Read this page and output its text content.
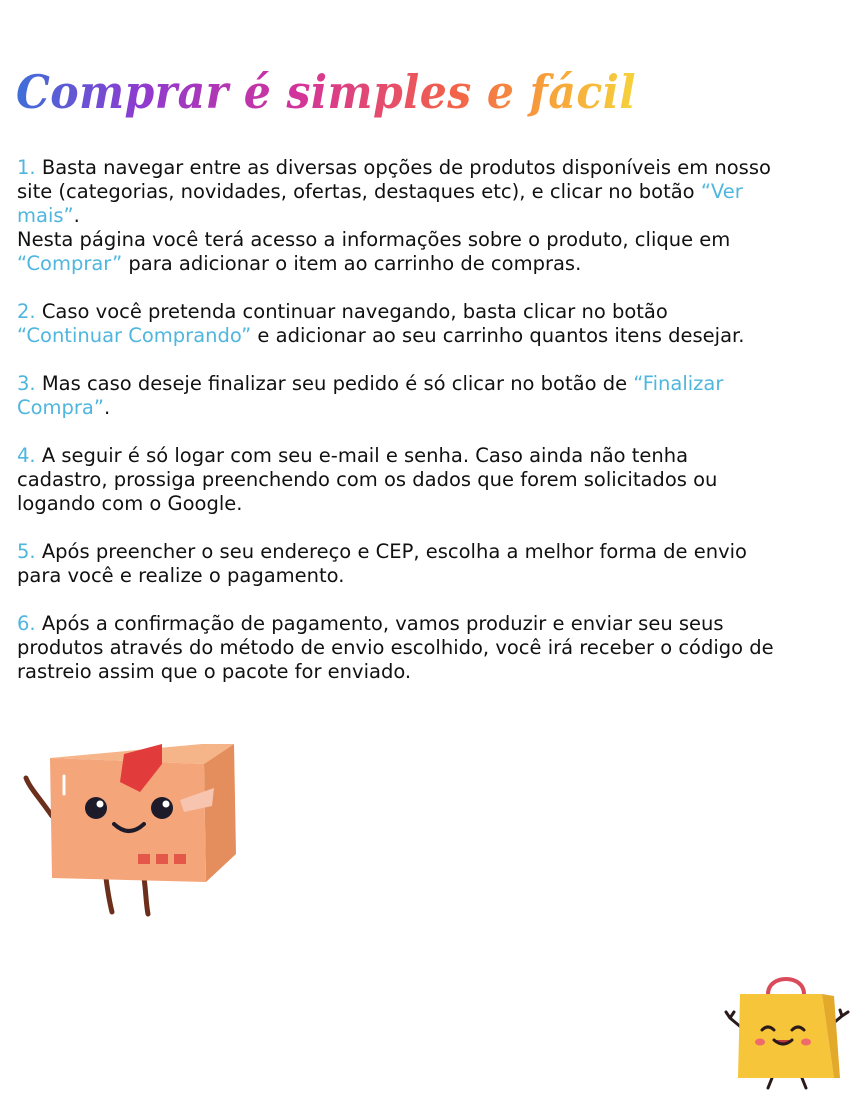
Comprar é simples e fácil

1. Basta navegar entre as diversas opções de produtos disponíveis em nosso site (categorias, novidades, ofertas, destaques etc), e clicar no botão “Ver mais”.
Nesta página você terá acesso a informações sobre o produto, clique em “Comprar” para adicionar o item ao carrinho de compras.

2. Caso você pretenda continuar navegando, basta clicar no botão “Continuar Comprando” e adicionar ao seu carrinho quantos itens desejar.

3. Mas caso deseje finalizar seu pedido é só clicar no botão de “Finalizar Compra”.

4. A seguir é só logar com seu e-mail e senha. Caso ainda não tenha cadastro, prossiga preenchendo com os dados que forem solicitados ou logando com o Google.

5. Após preencher o seu endereço e CEP, escolha a melhor forma de envio para você e realize o pagamento.

6. Após a confirmação de pagamento, vamos produzir e enviar seu seus produtos através do método de envio escolhido, você irá receber o código de rastreio assim que o pacote for enviado.
